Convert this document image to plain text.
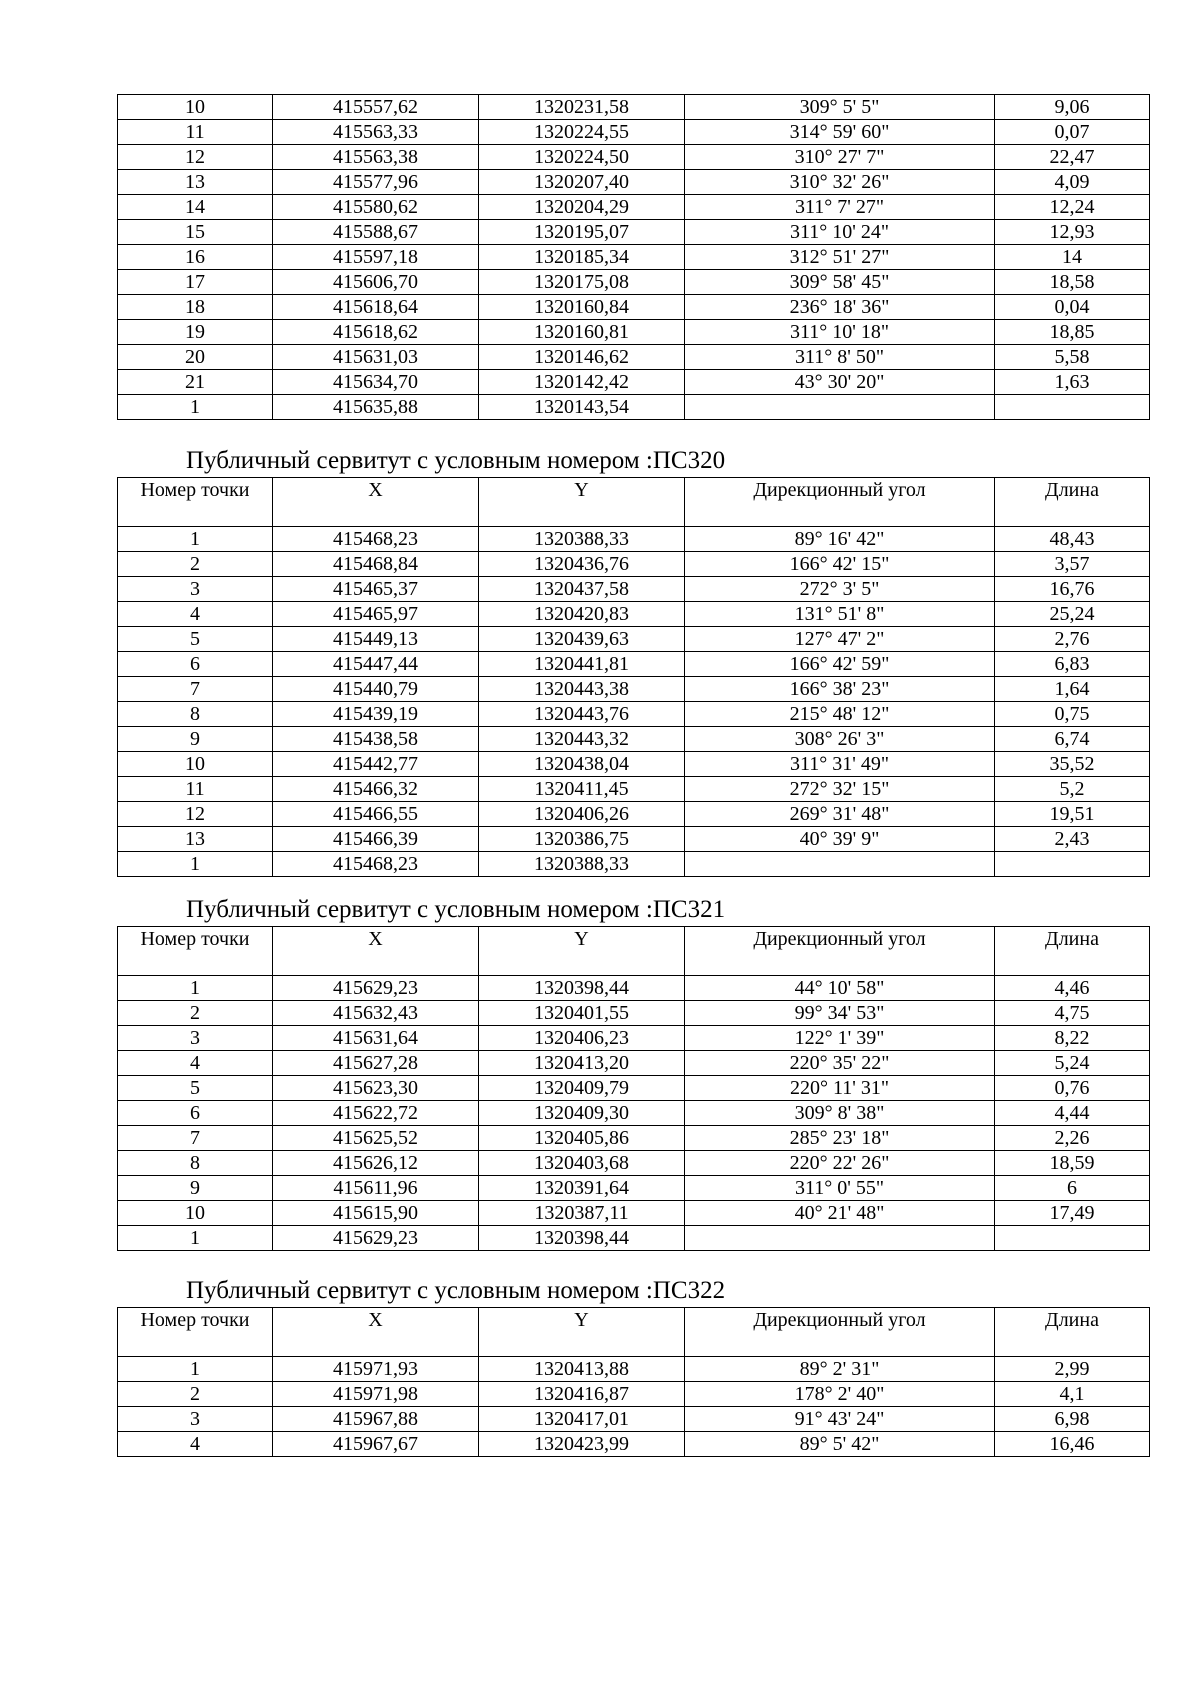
10	415557,62	1320231,58	309° 5' 5"	9,06
11	415563,33	1320224,55	314° 59' 60"	0,07
12	415563,38	1320224,50	310° 27' 7"	22,47
13	415577,96	1320207,40	310° 32' 26"	4,09
14	415580,62	1320204,29	311° 7' 27"	12,24
15	415588,67	1320195,07	311° 10' 24"	12,93
16	415597,18	1320185,34	312° 51' 27"	14
17	415606,70	1320175,08	309° 58' 45"	18,58
18	415618,64	1320160,84	236° 18' 36"	0,04
19	415618,62	1320160,81	311° 10' 18"	18,85
20	415631,03	1320146,62	311° 8' 50"	5,58
21	415634,70	1320142,42	43° 30' 20"	1,63
1	415635,88	1320143,54		
Публичный сервитут с условным номером :ПС320
Номер точки	X	Y	Дирекционный угол	Длина
1	415468,23	1320388,33	89° 16' 42"	48,43
2	415468,84	1320436,76	166° 42' 15"	3,57
3	415465,37	1320437,58	272° 3' 5"	16,76
4	415465,97	1320420,83	131° 51' 8"	25,24
5	415449,13	1320439,63	127° 47' 2"	2,76
6	415447,44	1320441,81	166° 42' 59"	6,83
7	415440,79	1320443,38	166° 38' 23"	1,64
8	415439,19	1320443,76	215° 48' 12"	0,75
9	415438,58	1320443,32	308° 26' 3"	6,74
10	415442,77	1320438,04	311° 31' 49"	35,52
11	415466,32	1320411,45	272° 32' 15"	5,2
12	415466,55	1320406,26	269° 31' 48"	19,51
13	415466,39	1320386,75	40° 39' 9"	2,43
1	415468,23	1320388,33		
Публичный сервитут с условным номером :ПС321
Номер точки	X	Y	Дирекционный угол	Длина
1	415629,23	1320398,44	44° 10' 58"	4,46
2	415632,43	1320401,55	99° 34' 53"	4,75
3	415631,64	1320406,23	122° 1' 39"	8,22
4	415627,28	1320413,20	220° 35' 22"	5,24
5	415623,30	1320409,79	220° 11' 31"	0,76
6	415622,72	1320409,30	309° 8' 38"	4,44
7	415625,52	1320405,86	285° 23' 18"	2,26
8	415626,12	1320403,68	220° 22' 26"	18,59
9	415611,96	1320391,64	311° 0' 55"	6
10	415615,90	1320387,11	40° 21' 48"	17,49
1	415629,23	1320398,44		
Публичный сервитут с условным номером :ПС322
Номер точки	X	Y	Дирекционный угол	Длина
1	415971,93	1320413,88	89° 2' 31"	2,99
2	415971,98	1320416,87	178° 2' 40"	4,1
3	415967,88	1320417,01	91° 43' 24"	6,98
4	415967,67	1320423,99	89° 5' 42"	16,46
